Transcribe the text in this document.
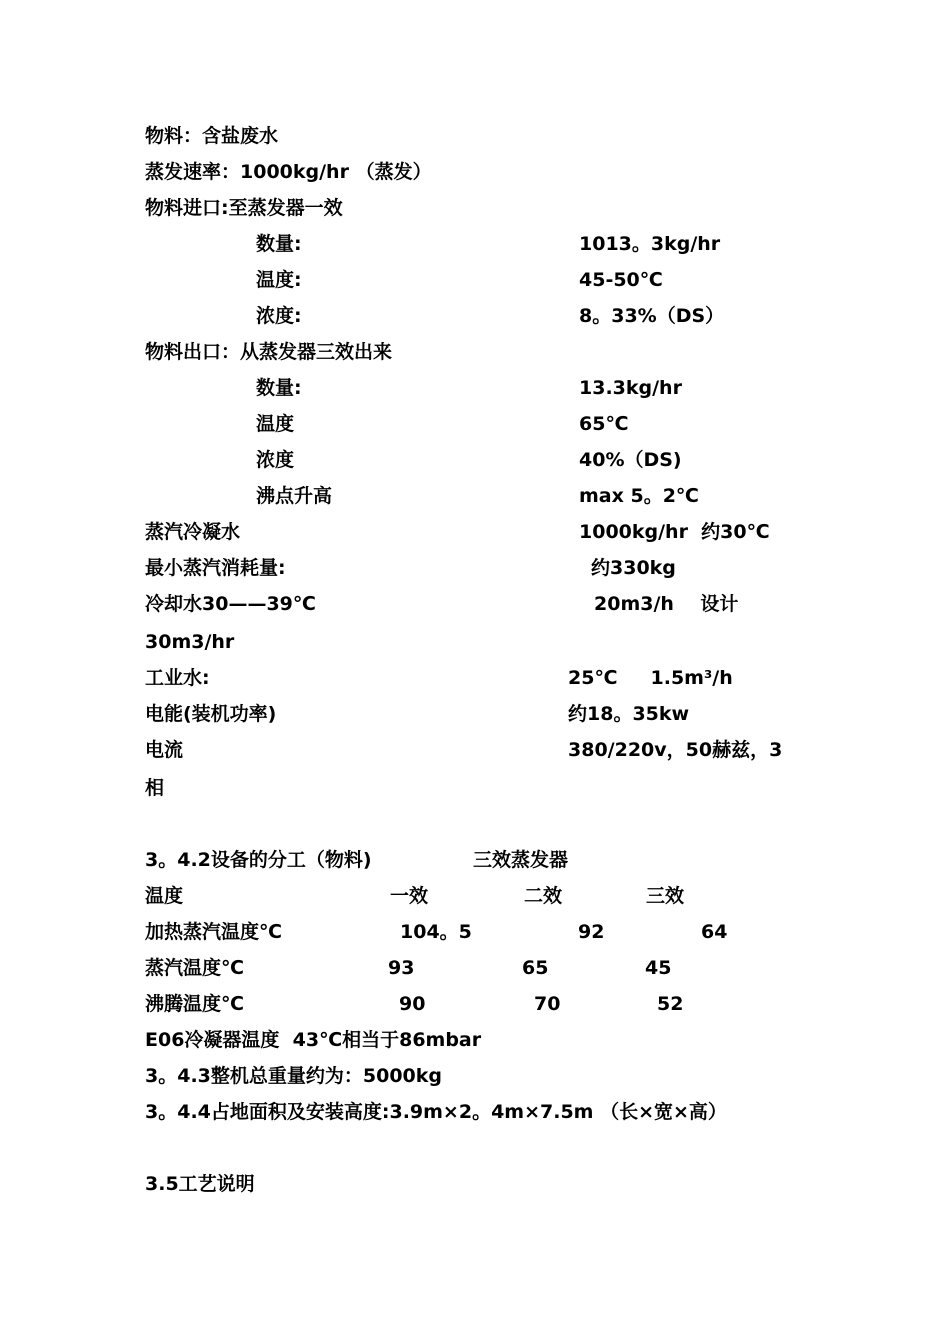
物料：含盐废水
蒸发速率：1000kg/hr （蒸发）
物料进口:至蒸发器一效
数量:	1013。3kg/hr
温度:	45-50℃
浓度:	8。33%（DS）
物料出口：从蒸发器三效出来
数量:	13.3kg/hr
温度	65℃
浓度	40%（DS)
沸点升高	max 5。2℃
蒸汽冷凝水	1000kg/hr  约30℃
最小蒸汽消耗量:	约330kg
冷却水30——39℃	20m3/h    设计
30m3/hr
工业水:	25℃     1.5m³/h
电能(装机功率)	约18。35kw
电流	380/220v，50赫兹，3
相
3。4.2设备的分工（物料)	三效蒸发器
温度	一效	二效	三效
加热蒸汽温度℃	104。5	92	64
蒸汽温度℃	93	65	45
沸腾温度℃	90	70	52
E06冷凝器温度  43℃相当于86mbar
3。4.3整机总重量约为：5000kg
3。4.4占地面积及安装高度:3.9m×2。4m×7.5m （长×宽×高）
3.5工艺说明
